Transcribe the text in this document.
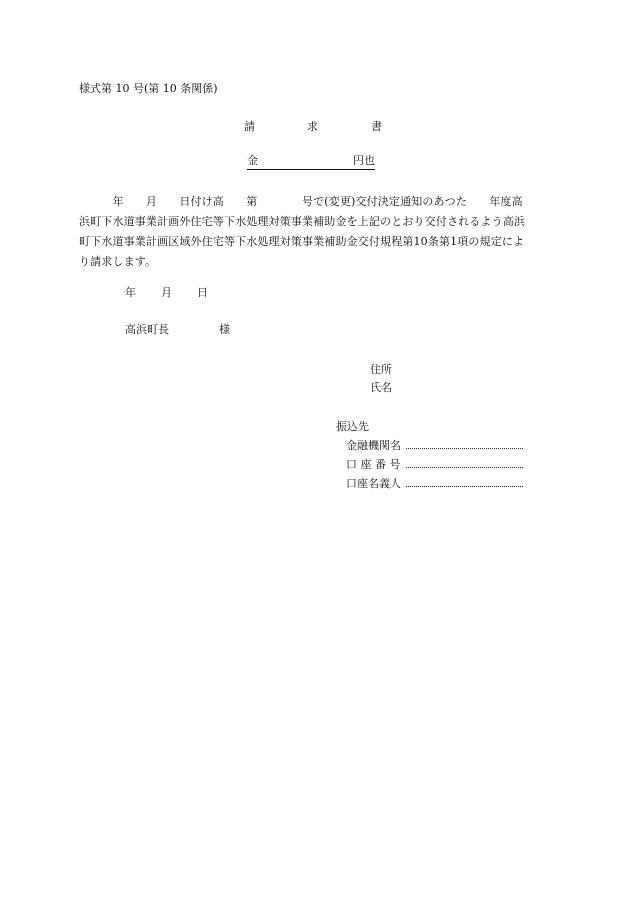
様式第 10 号(第 10 条関係)
請	求	書
金	円也
　　　年　　月　　日付け高　　第　　　　号で(変更)交付決定通知のあつた　　年度高
浜町下水道事業計画外住宅等下水処理対策事業補助金を上記のとおり交付されるよう高浜
町下水道事業計画区域外住宅等下水処理対策事業補助金交付規程第10条第1項の規定によ
り請求します。
年 月 日
高浜町長	様
住所
氏名
振込先
金融機関名
口 座 番 号
口座名義人
